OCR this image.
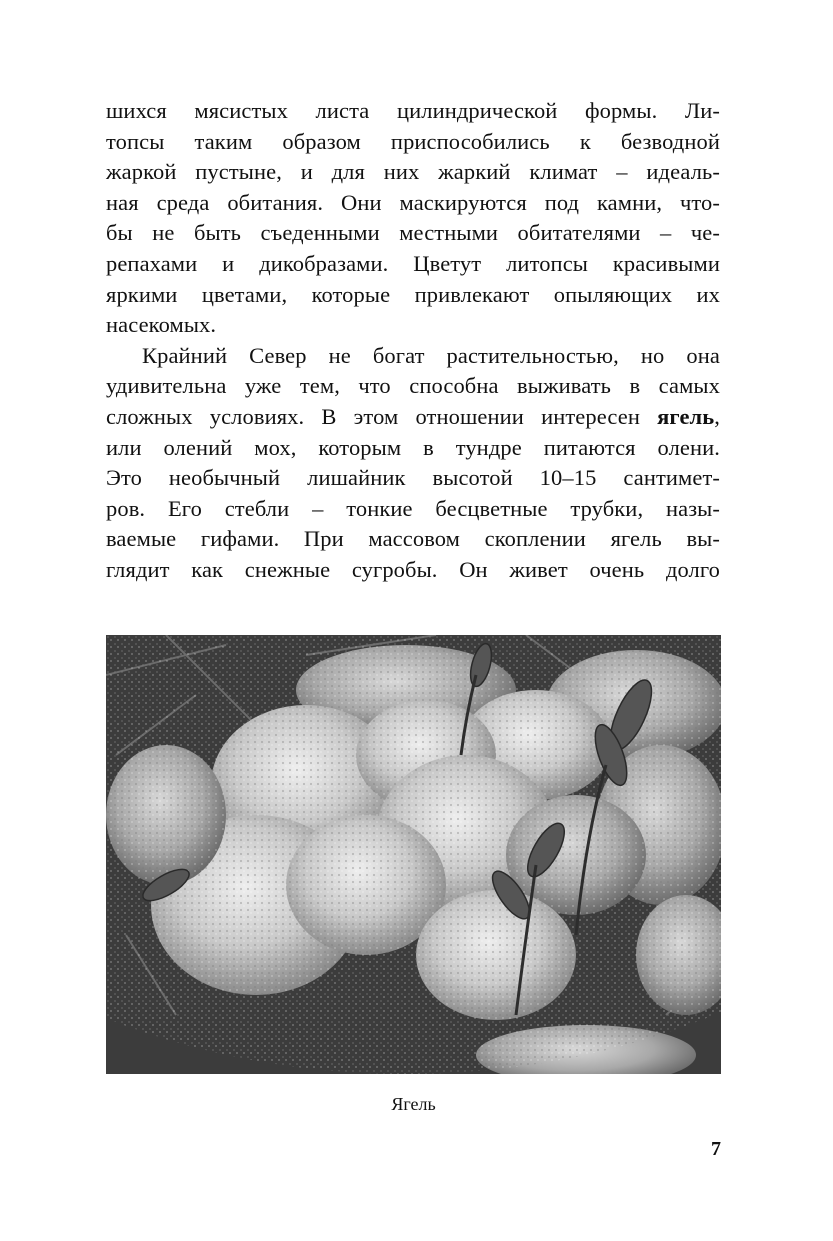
шихся мясистых листа цилиндрической формы. Ли-
топсы таким образом приспособились к безводной
жаркой пустыне, и для них жаркий климат – идеаль-
ная среда обитания. Они маскируются под камни, что-
бы не быть съеденными местными обитателями – че-
репахами и дикобразами. Цветут литопсы красивыми
яркими цветами, которые привлекают опыляющих их
насекомых.
Крайний Север не богат растительностью, но она
удивительна уже тем, что способна выживать в самых
сложных условиях. В этом отношении интересен ягель,
или олений мох, которым в тундре питаются олени.
Это необычный лишайник высотой 10–15 сантимет-
ров. Его стебли – тонкие бесцветные трубки, назы-
ваемые гифами. При массовом скоплении ягель вы-
глядит как снежные сугробы. Он живет очень долго
Ягель
7
